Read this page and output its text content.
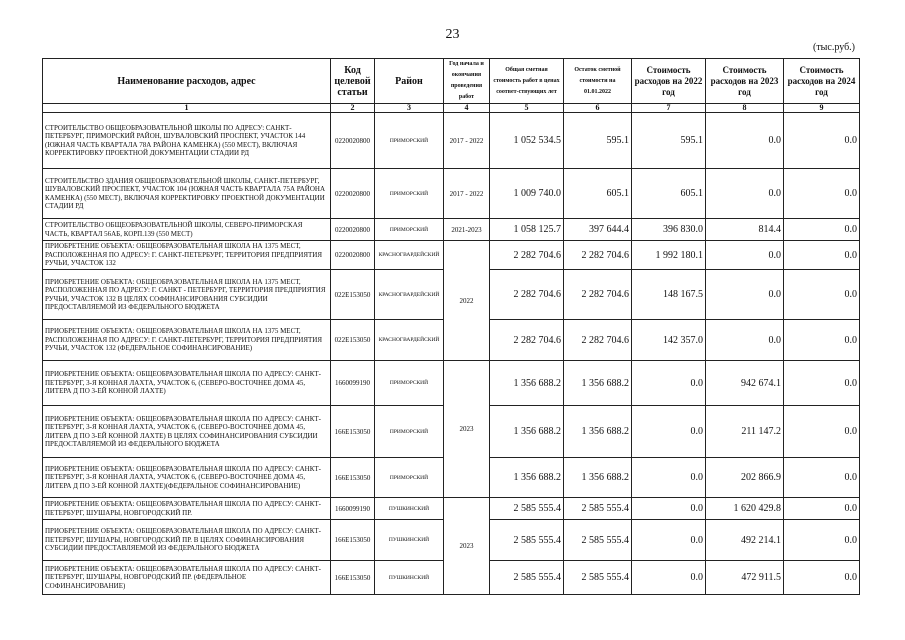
23
(тыс.руб.)
Наименование расходов, адрес	Код целевой статьи	Район	Год начала и окончания проведения работ	Общая сметная стоимость работ в ценах соответ-ствующих лет	Остаток сметной стоимости на 01.01.2022	Стоимость расходов на 2022 год	Стоимость расходов на 2023 год	Стоимость расходов на 2024 год
1	2	3	4	5	6	7	8	9
СТРОИТЕЛЬСТВО ОБЩЕОБРАЗОВАТЕЛЬНОЙ ШКОЛЫ ПО АДРЕСУ: САНКТ-ПЕТЕРБУРГ, ПРИМОРСКИЙ РАЙОН, ШУВАЛОВСКИЙ ПРОСПЕКТ, УЧАСТОК 144 (ЮЖНАЯ ЧАСТЬ КВАРТАЛА 78А РАЙОНА КАМЕНКА) (550 МЕСТ), ВКЛЮЧАЯ КОРРЕКТИРОВКУ ПРОЕКТНОЙ ДОКУМЕНТАЦИИ СТАДИИ РД	0220020800	ПРИМОРСКИЙ	2017 - 2022	1 052 534.5	595.1	595.1	0.0	0.0
СТРОИТЕЛЬСТВО ЗДАНИЯ ОБЩЕОБРАЗОВАТЕЛЬНОЙ ШКОЛЫ, САНКТ-ПЕТЕРБУРГ, ШУВАЛОВСКИЙ ПРОСПЕКТ, УЧАСТОК 104 (ЮЖНАЯ ЧАСТЬ КВАРТАЛА 75А РАЙОНА КАМЕНКА) (550 МЕСТ), ВКЛЮЧАЯ КОРРЕКТИРОВКУ ПРОЕКТНОЙ ДОКУМЕНТАЦИИ СТАДИИ РД	0220020800	ПРИМОРСКИЙ	2017 - 2022	1 009 740.0	605.1	605.1	0.0	0.0
СТРОИТЕЛЬСТВО ОБЩЕОБРАЗОВАТЕЛЬНОЙ ШКОЛЫ, СЕВЕРО-ПРИМОРСКАЯ ЧАСТЬ, КВАРТАЛ 56АБ, КОРП.139 (550 МЕСТ)	0220020800	ПРИМОРСКИЙ	2021-2023	1 058 125.7	397 644.4	396 830.0	814.4	0.0
ПРИОБРЕТЕНИЕ ОБЪЕКТА: ОБЩЕОБРАЗОВАТЕЛЬНАЯ ШКОЛА НА 1375 МЕСТ, РАСПОЛОЖЕННАЯ ПО АДРЕСУ: Г. САНКТ-ПЕТЕРБУРГ, ТЕРРИТОРИЯ ПРЕДПРИЯТИЯ РУЧЬИ, УЧАСТОК 132	0220020800	КРАСНОГВАРДЕЙСКИЙ	2022	2 282 704.6	2 282 704.6	1 992 180.1	0.0	0.0
ПРИОБРЕТЕНИЕ ОБЪЕКТА: ОБЩЕОБРАЗОВАТЕЛЬНАЯ ШКОЛА НА 1375 МЕСТ, РАСПОЛОЖЕННАЯ ПО АДРЕСУ: Г. САНКТ - ПЕТЕРБУРГ, ТЕРРИТОРИЯ ПРЕДПРИЯТИЯ РУЧЬИ, УЧАСТОК 132 В ЦЕЛЯХ СОФИНАНСИРОВАНИЯ СУБСИДИИ ПРЕДОСТАВЛЯЕМОЙ ИЗ ФЕДЕРАЛЬНОГО БЮДЖЕТА	022Е153050	КРАСНОГВАРДЕЙСКИЙ		2 282 704.6	2 282 704.6	148 167.5	0.0	0.0
ПРИОБРЕТЕНИЕ ОБЪЕКТА: ОБЩЕОБРАЗОВАТЕЛЬНАЯ ШКОЛА НА 1375 МЕСТ, РАСПОЛОЖЕННАЯ ПО АДРЕСУ: Г. САНКТ-ПЕТЕРБУРГ, ТЕРРИТОРИЯ ПРЕДПРИЯТИЯ РУЧЬИ, УЧАСТОК 132 (ФЕДЕРАЛЬНОЕ СОФИНАНСИРОВАНИЕ)	022Е153050	КРАСНОГВАРДЕЙСКИЙ		2 282 704.6	2 282 704.6	142 357.0	0.0	0.0
ПРИОБРЕТЕНИЕ ОБЪЕКТА: ОБЩЕОБРАЗОВАТЕЛЬНАЯ ШКОЛА ПО АДРЕСУ: САНКТ-ПЕТЕРБУРГ, 3-Я КОННАЯ ЛАХТА, УЧАСТОК 6, (СЕВЕРО-ВОСТОЧНЕЕ ДОМА 45, ЛИТЕРА Д ПО 3-ЕЙ КОННОЙ ЛАХТЕ)	1660099190	ПРИМОРСКИЙ	2023	1 356 688.2	1 356 688.2	0.0	942 674.1	0.0
ПРИОБРЕТЕНИЕ ОБЪЕКТА: ОБЩЕОБРАЗОВАТЕЛЬНАЯ ШКОЛА ПО АДРЕСУ: САНКТ-ПЕТЕРБУРГ, 3-Я КОННАЯ ЛАХТА, УЧАСТОК 6, (СЕВЕРО-ВОСТОЧНЕЕ ДОМА 45, ЛИТЕРА Д ПО 3-ЕЙ КОННОЙ ЛАХТЕ) В ЦЕЛЯХ СОФИНАНСИРОВАНИЯ СУБСИДИИ ПРЕДОСТАВЛЯЕМОЙ ИЗ ФЕДЕРАЛЬНОГО БЮДЖЕТА	166Е153050	ПРИМОРСКИЙ		1 356 688.2	1 356 688.2	0.0	211 147.2	0.0
ПРИОБРЕТЕНИЕ ОБЪЕКТА: ОБЩЕОБРАЗОВАТЕЛЬНАЯ ШКОЛА ПО АДРЕСУ: САНКТ-ПЕТЕРБУРГ, 3-Я КОННАЯ ЛАХТА, УЧАСТОК 6, (СЕВЕРО-ВОСТОЧНЕЕ ДОМА 45, ЛИТЕРА Д ПО 3-ЕЙ КОННОЙ ЛАХТЕ)(ФЕДЕРАЛЬНОЕ СОФИНАНСИРОВАНИЕ)	166Е153050	ПРИМОРСКИЙ		1 356 688.2	1 356 688.2	0.0	202 866.9	0.0
ПРИОБРЕТЕНИЕ ОБЪЕКТА: ОБЩЕОБРАЗОВАТЕЛЬНАЯ ШКОЛА ПО АДРЕСУ: САНКТ-ПЕТЕРБУРГ, ШУШАРЫ, НОВГОРОДСКИЙ ПР.	1660099190	ПУШКИНСКИЙ	2023	2 585 555.4	2 585 555.4	0.0	1 620 429.8	0.0
ПРИОБРЕТЕНИЕ ОБЪЕКТА: ОБЩЕОБРАЗОВАТЕЛЬНАЯ ШКОЛА ПО АДРЕСУ: САНКТ-ПЕТЕРБУРГ, ШУШАРЫ, НОВГОРОДСКИЙ ПР. В ЦЕЛЯХ СОФИНАНСИРОВАНИЯ СУБСИДИИ ПРЕДОСТАВЛЯЕМОЙ ИЗ ФЕДЕРАЛЬНОГО БЮДЖЕТА	166Е153050	ПУШКИНСКИЙ		2 585 555.4	2 585 555.4	0.0	492 214.1	0.0
ПРИОБРЕТЕНИЕ ОБЪЕКТА: ОБЩЕОБРАЗОВАТЕЛЬНАЯ ШКОЛА ПО АДРЕСУ: САНКТ-ПЕТЕРБУРГ, ШУШАРЫ, НОВГОРОДСКИЙ ПР. (ФЕДЕРАЛЬНОЕ СОФИНАНСИРОВАНИЕ)	166Е153050	ПУШКИНСКИЙ		2 585 555.4	2 585 555.4	0.0	472 911.5	0.0
